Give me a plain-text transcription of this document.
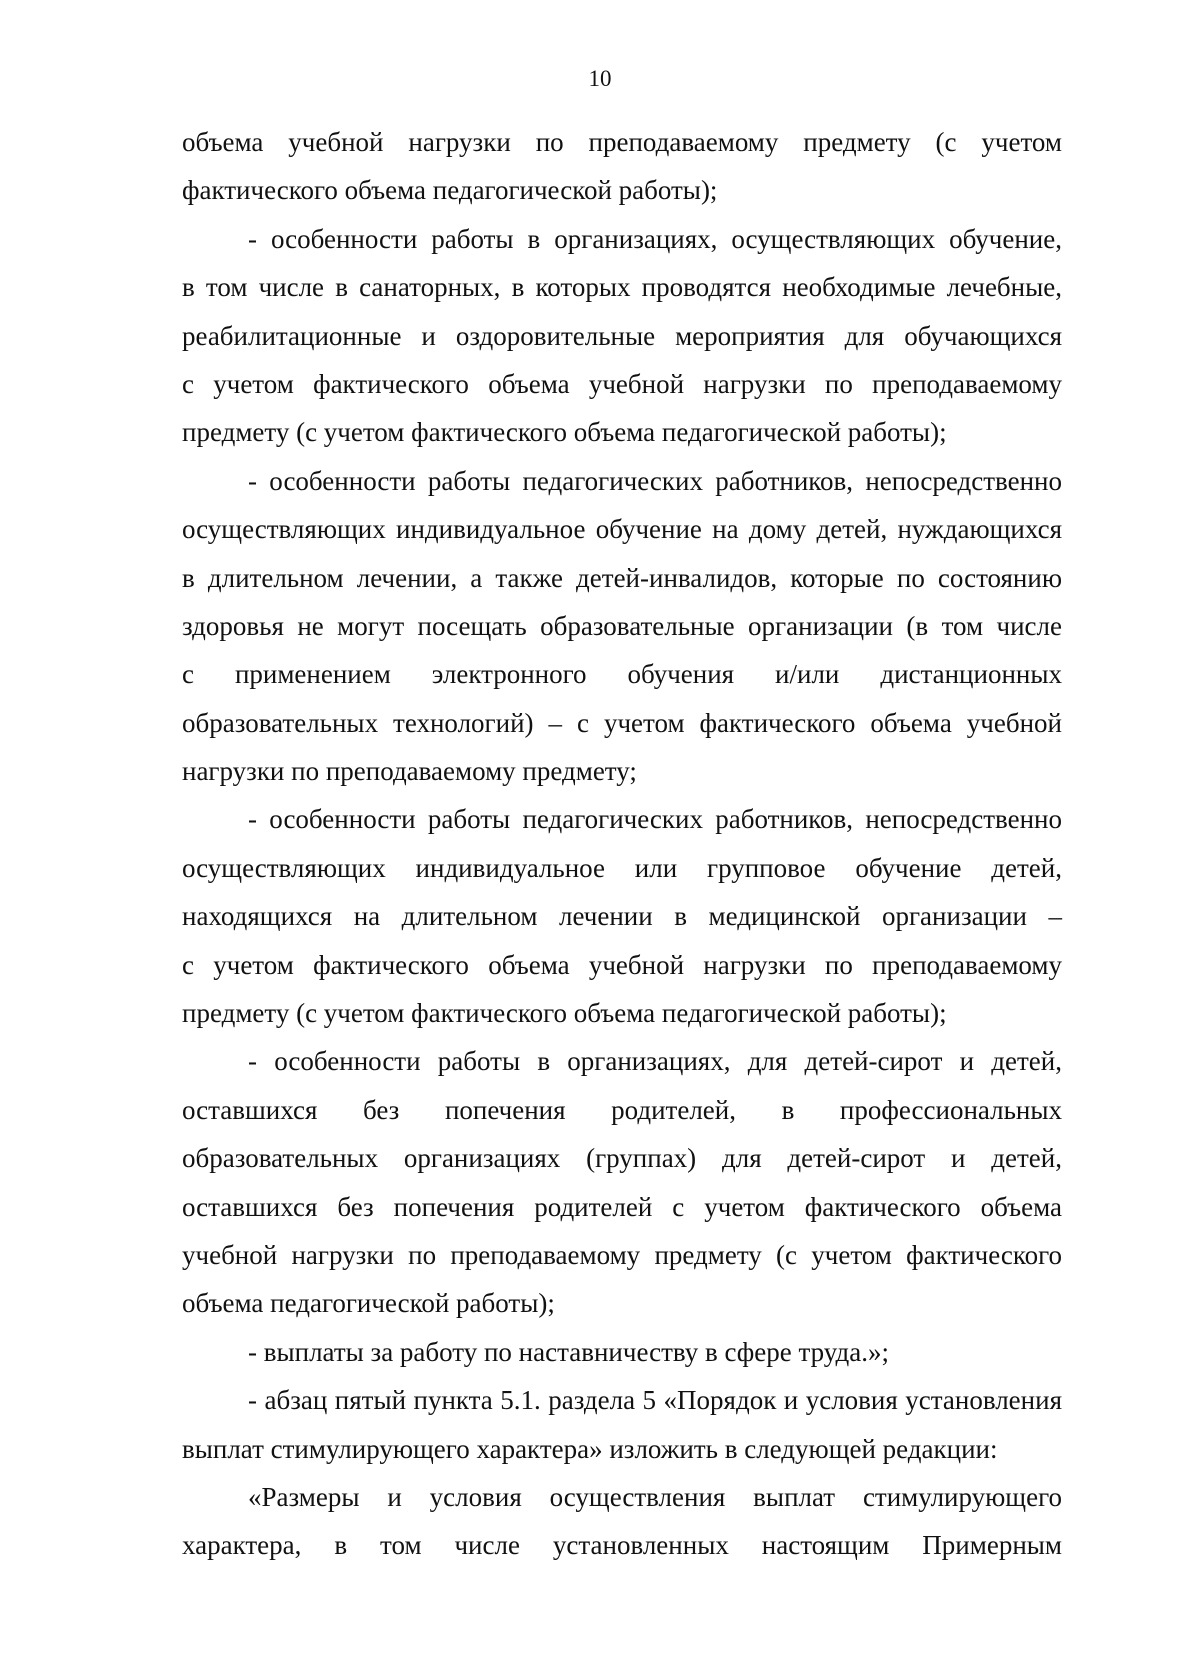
10
объема учебной нагрузки по преподаваемому предмету (с учетом
фактического объема педагогической работы);
- особенности работы в организациях, осуществляющих обучение,
в том числе в санаторных, в которых проводятся необходимые лечебные,
реабилитационные и оздоровительные мероприятия для обучающихся
с учетом фактического объема учебной нагрузки по преподаваемому
предмету (с учетом фактического объема педагогической работы);
- особенности работы педагогических работников, непосредственно
осуществляющих индивидуальное обучение на дому детей, нуждающихся
в длительном лечении, а также детей-инвалидов, которые по состоянию
здоровья не могут посещать образовательные организации (в том числе
с применением электронного обучения и/или дистанционных
образовательных технологий) – с учетом фактического объема учебной
нагрузки по преподаваемому предмету;
- особенности работы педагогических работников, непосредственно
осуществляющих индивидуальное или групповое обучение детей,
находящихся на длительном лечении в медицинской организации –
с учетом фактического объема учебной нагрузки по преподаваемому
предмету (с учетом фактического объема педагогической работы);
- особенности работы в организациях, для детей-сирот и детей,
оставшихся без попечения родителей, в профессиональных
образовательных организациях (группах) для детей-сирот и детей,
оставшихся без попечения родителей с учетом фактического объема
учебной нагрузки по преподаваемому предмету (с учетом фактического
объема педагогической работы);
- выплаты за работу по наставничеству в сфере труда.»;
- абзац пятый пункта 5.1. раздела 5 «Порядок и условия установления
выплат стимулирующего характера» изложить в следующей редакции:
«Размеры и условия осуществления выплат стимулирующего
характера, в том числе установленных настоящим Примерным
